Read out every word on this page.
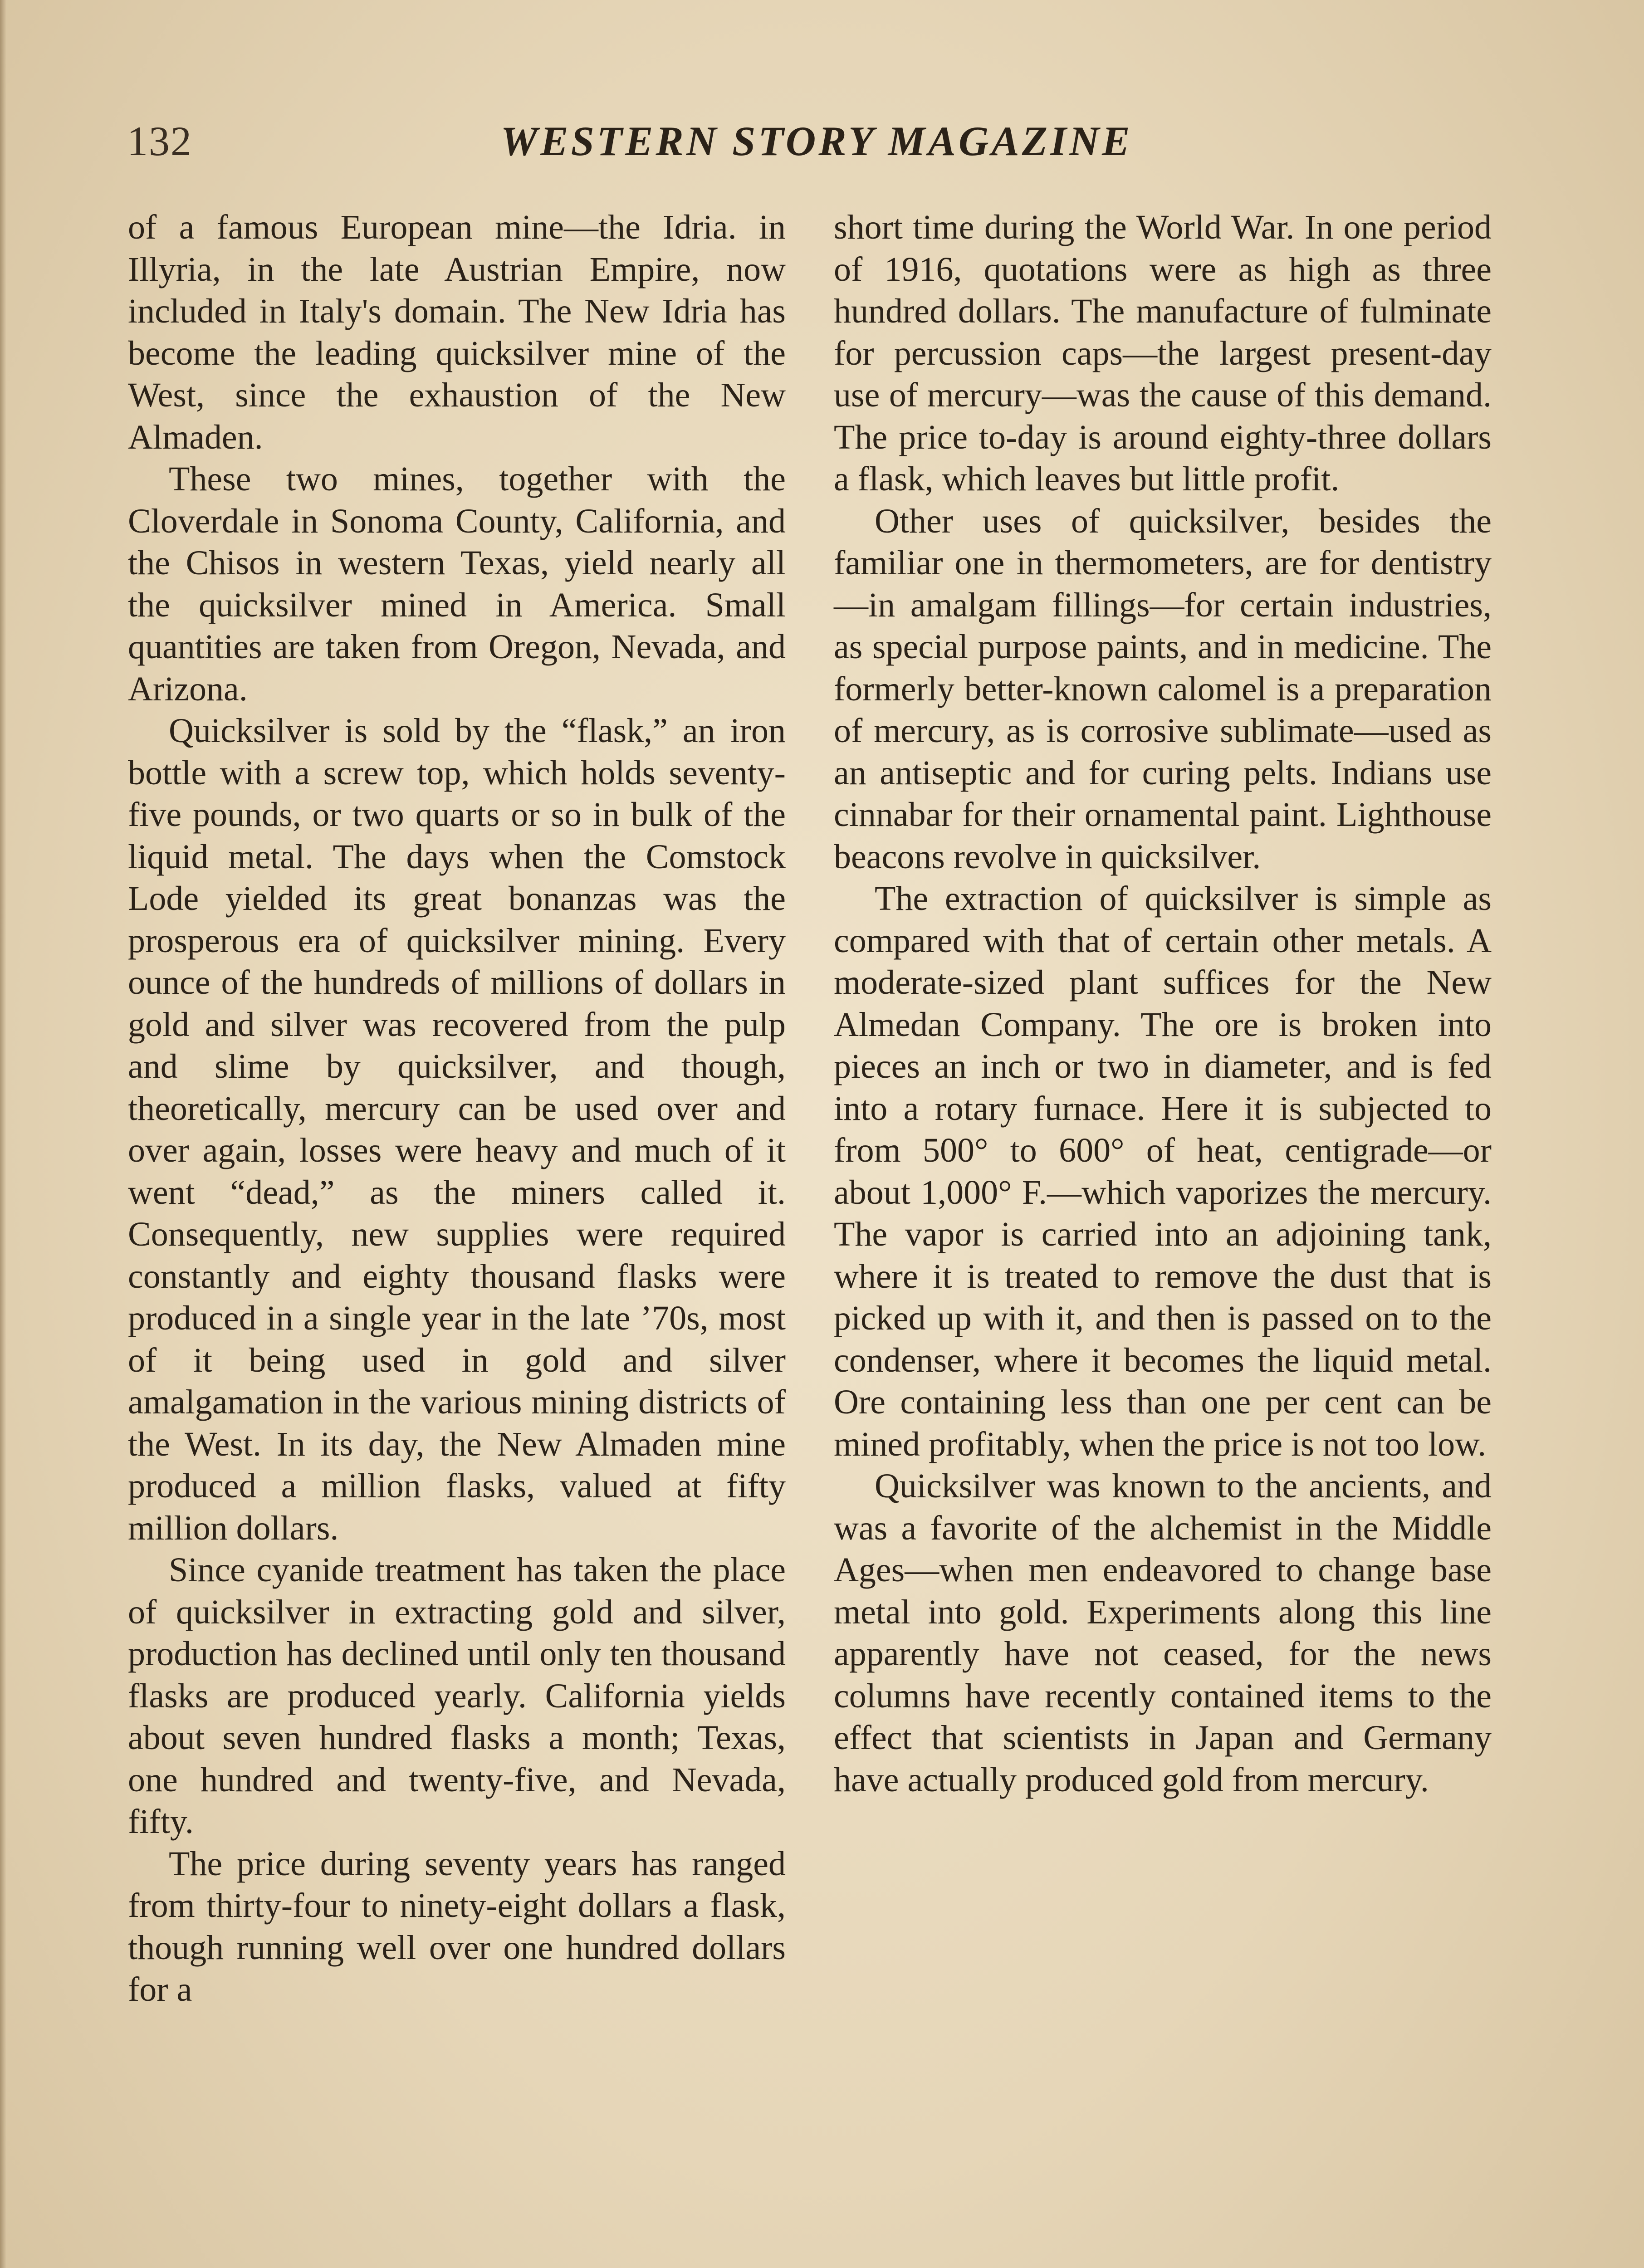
132	WESTERN STORY MAGAZINE

of a famous European mine—the Idria. in Illyria, in the late Austrian Empire, now included in Italy's domain. The New Idria has become the leading quicksilver mine of the West, since the exhaustion of the New Almaden.

These two mines, together with the Cloverdale in Sonoma County, California, and the Chisos in western Texas, yield nearly all the quicksilver mined in America. Small quantities are taken from Oregon, Nevada, and Arizona.

Quicksilver is sold by the “flask,” an iron bottle with a screw top, which holds seventy-five pounds, or two quarts or so in bulk of the liquid metal. The days when the Comstock Lode yielded its great bonanzas was the prosperous era of quicksilver mining. Every ounce of the hundreds of millions of dollars in gold and silver was recovered from the pulp and slime by quicksilver, and though, theoretically, mercury can be used over and over again, losses were heavy and much of it went “dead,” as the miners called it. Consequently, new supplies were required constantly and eighty thousand flasks were produced in a single year in the late ’70s, most of it being used in gold and silver amalgamation in the various mining districts of the West. In its day, the New Almaden mine produced a million flasks, valued at fifty million dollars.

Since cyanide treatment has taken the place of quicksilver in extracting gold and silver, production has declined until only ten thousand flasks are produced yearly. California yields about seven hundred flasks a month; Texas, one hundred and twenty-five, and Nevada, fifty.

The price during seventy years has ranged from thirty-four to ninety-eight dollars a flask, though running well over one hundred dollars for a

short time during the World War. In one period of 1916, quotations were as high as three hundred dollars. The manufacture of fulminate for percussion caps—the largest present-day use of mercury—was the cause of this demand. The price to-day is around eighty-three dollars a flask, which leaves but little profit.

Other uses of quicksilver, besides the familiar one in thermometers, are for dentistry—in amalgam fillings—for certain industries, as special purpose paints, and in medicine. The formerly better-known calomel is a preparation of mercury, as is corrosive sublimate—used as an antiseptic and for curing pelts. Indians use cinnabar for their ornamental paint. Lighthouse beacons revolve in quicksilver.

The extraction of quicksilver is simple as compared with that of certain other metals. A moderate-sized plant suffices for the New Almedan Company. The ore is broken into pieces an inch or two in diameter, and is fed into a rotary furnace. Here it is subjected to from 500° to 600° of heat, centigrade—or about 1,000° F.—which vaporizes the mercury. The vapor is carried into an adjoining tank, where it is treated to remove the dust that is picked up with it, and then is passed on to the condenser, where it becomes the liquid metal. Ore containing less than one per cent can be mined profitably, when the price is not too low.

Quicksilver was known to the ancients, and was a favorite of the alchemist in the Middle Ages—when men endeavored to change base metal into gold. Experiments along this line apparently have not ceased, for the news columns have recently contained items to the effect that scientists in Japan and Germany have actually produced gold from mercury.
